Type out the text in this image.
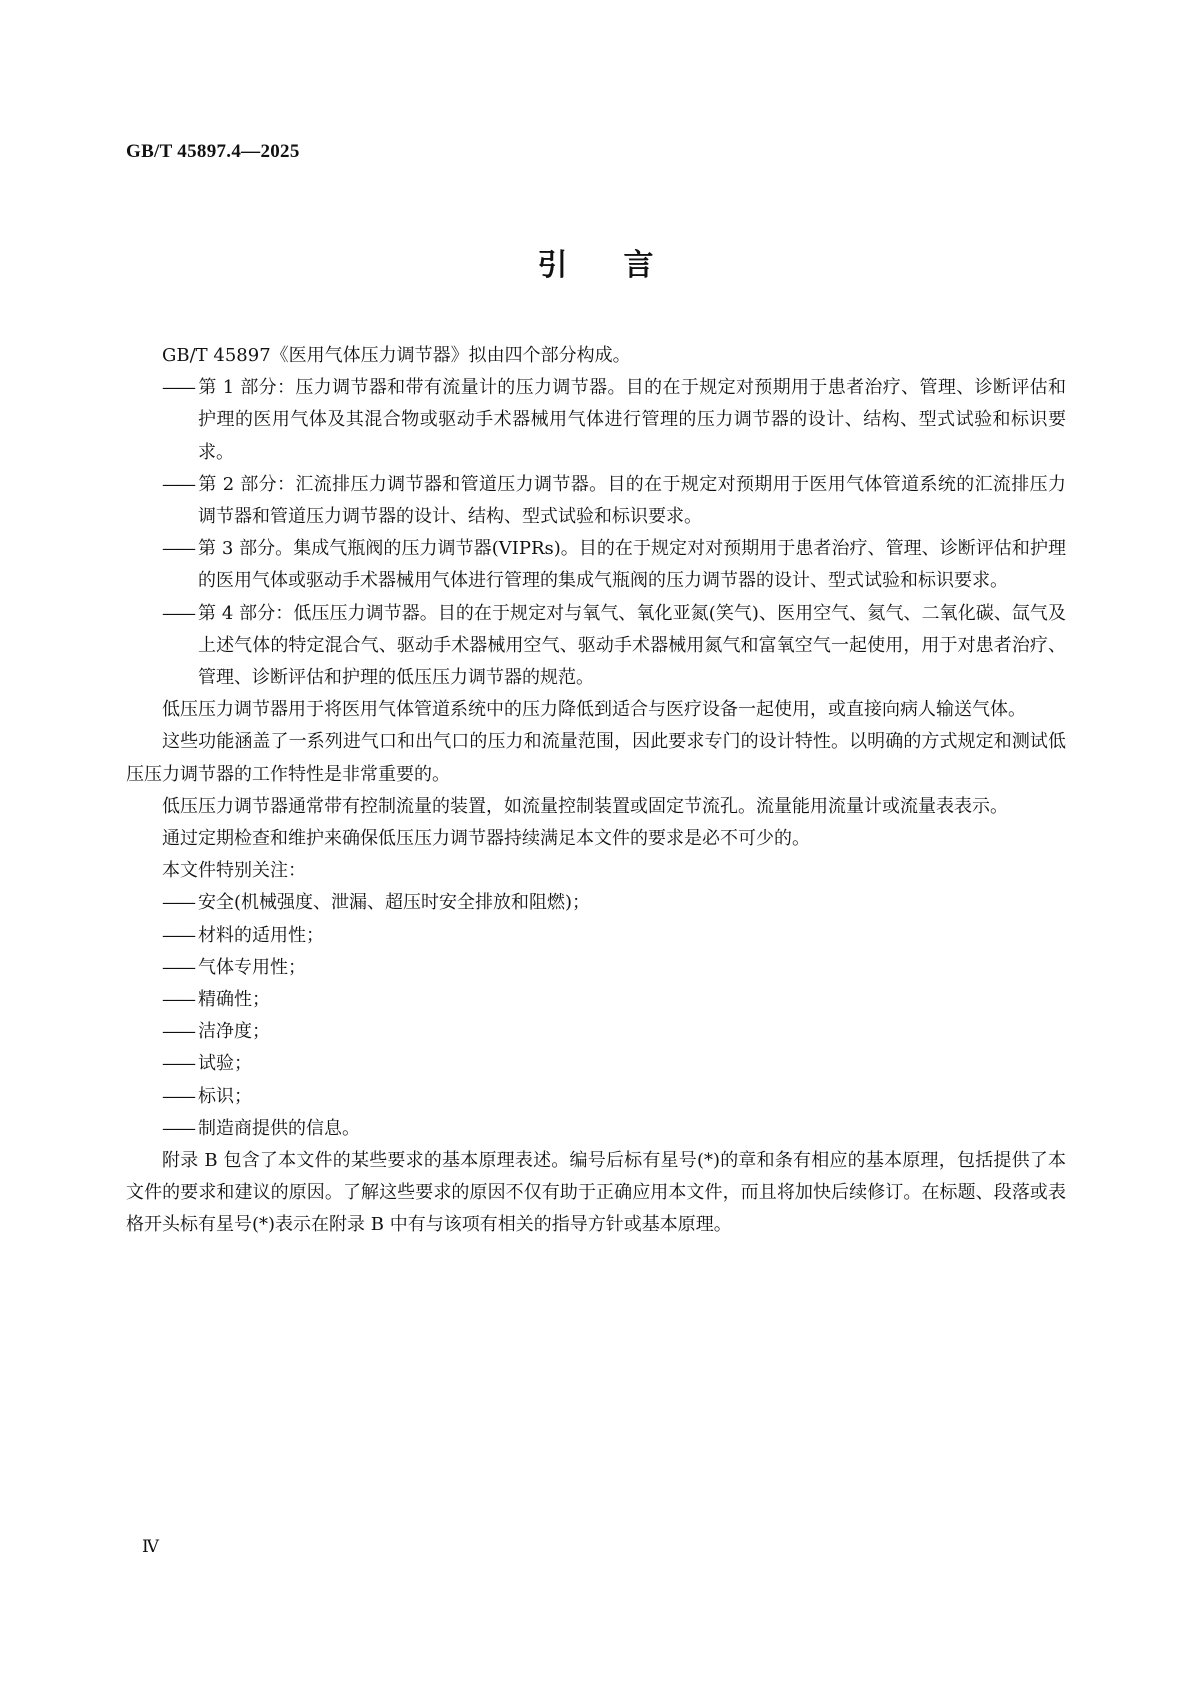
GB/T 45897.4—2025
引言

GB/T 45897《医用气体压力调节器》拟由四个部分构成。

—— 第 1 部分：压力调节器和带有流量计的压力调节器。目的在于规定对预期用于患者治疗、管理、诊断评估和护理的医用气体及其混合物或驱动手术器械用气体进行管理的压力调节器的设计、结构、型式试验和标识要求。

—— 第 2 部分：汇流排压力调节器和管道压力调节器。目的在于规定对预期用于医用气体管道系统的汇流排压力调节器和管道压力调节器的设计、结构、型式试验和标识要求。

—— 第 3 部分。集成气瓶阀的压力调节器(VIPRs)。目的在于规定对对预期用于患者治疗、管理、诊断评估和护理的医用气体或驱动手术器械用气体进行管理的集成气瓶阀的压力调节器的设计、型式试验和标识要求。

—— 第 4 部分：低压压力调节器。目的在于规定对与氧气、氧化亚氮(笑气)、医用空气、氦气、二氧化碳、氙气及上述气体的特定混合气、驱动手术器械用空气、驱动手术器械用氮气和富氧空气一起使用，用于对患者治疗、管理、诊断评估和护理的低压压力调节器的规范。

低压压力调节器用于将医用气体管道系统中的压力降低到适合与医疗设备一起使用，或直接向病人输送气体。

这些功能涵盖了一系列进气口和出气口的压力和流量范围，因此要求专门的设计特性。以明确的方式规定和测试低压压力调节器的工作特性是非常重要的。

低压压力调节器通常带有控制流量的装置，如流量控制装置或固定节流孔。流量能用流量计或流量表表示。

通过定期检查和维护来确保低压压力调节器持续满足本文件的要求是必不可少的。

本文件特别关注：

—— 安全(机械强度、泄漏、超压时安全排放和阻燃)；

—— 材料的适用性；

—— 气体专用性；

—— 精确性；

—— 洁净度；

—— 试验；

—— 标识；

—— 制造商提供的信息。

附录 B 包含了本文件的某些要求的基本原理表述。编号后标有星号(*)的章和条有相应的基本原理，包括提供了本文件的要求和建议的原因。了解这些要求的原因不仅有助于正确应用本文件，而且将加快后续修订。在标题、段落或表格开头标有星号(*)表示在附录 B 中有与该项有相关的指导方针或基本原理。

Ⅳ
